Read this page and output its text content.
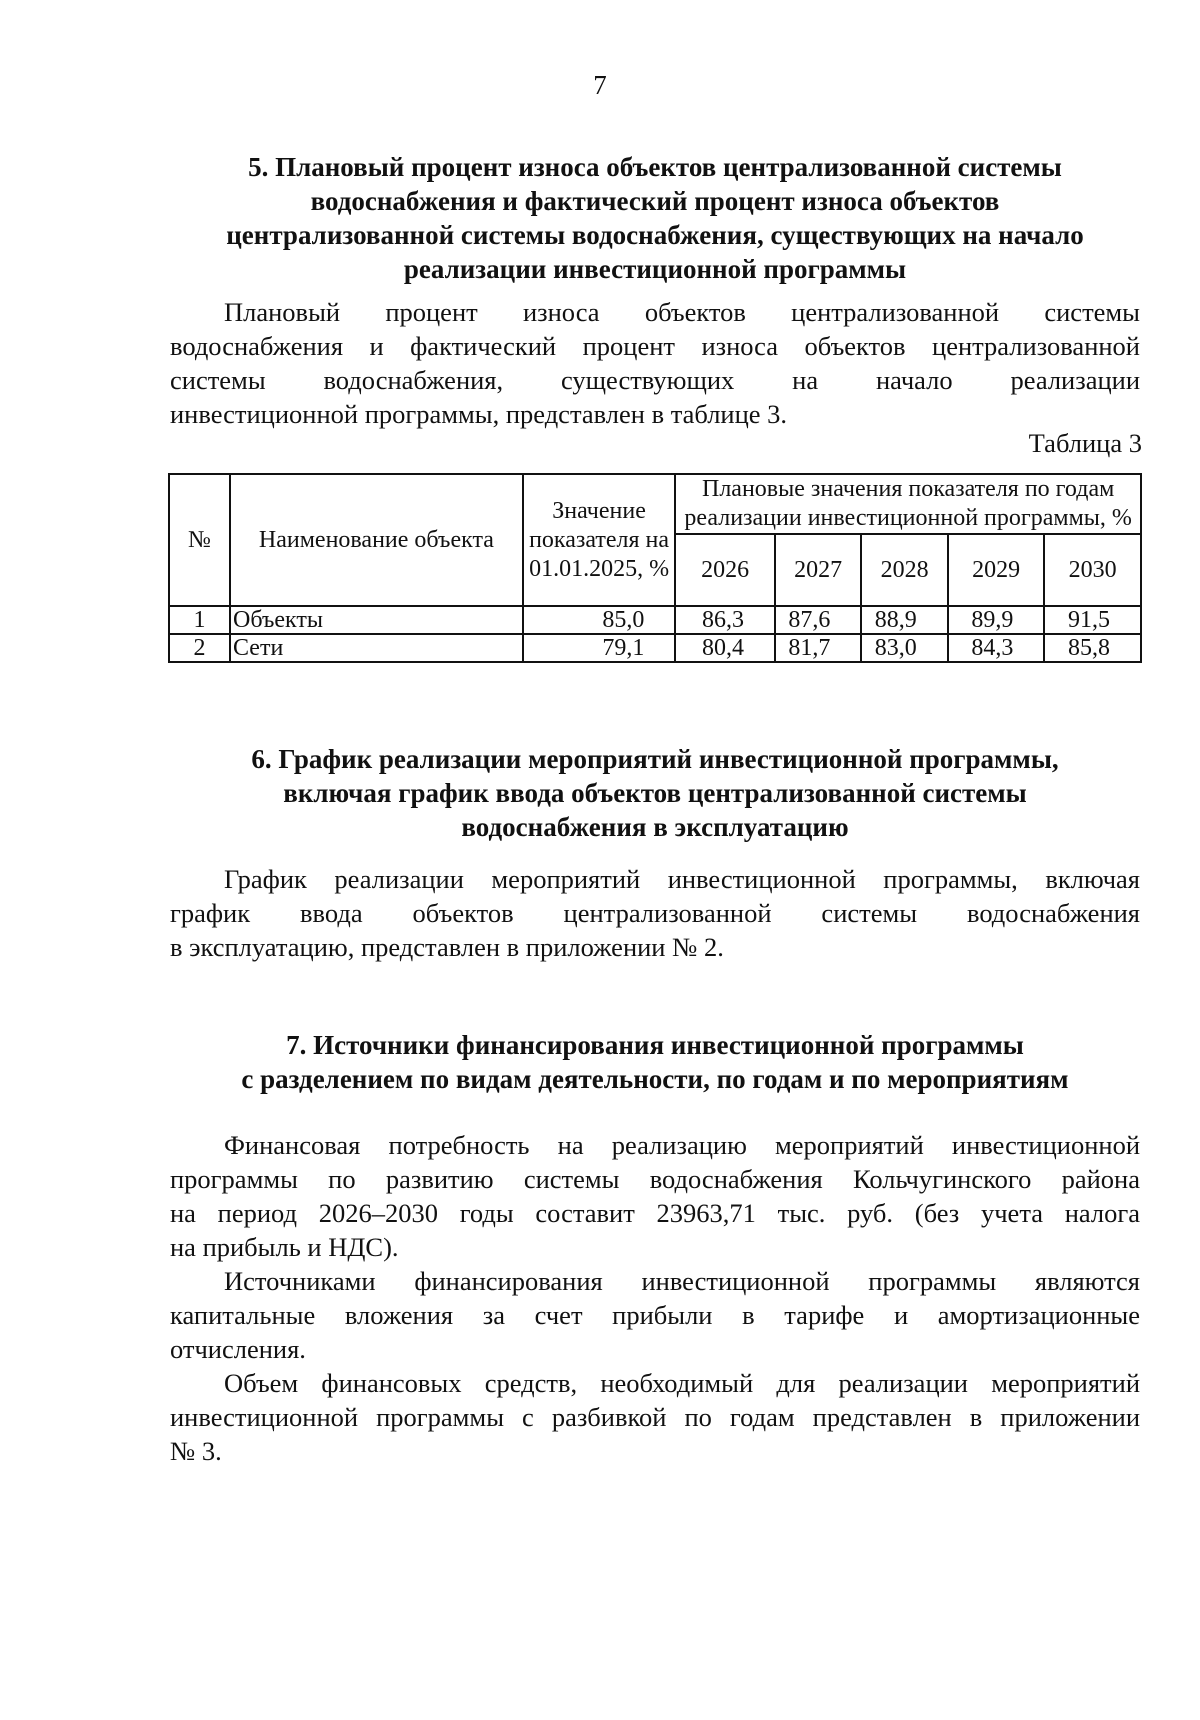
7
5. Плановый процент износа объектов централизованной системы
водоснабжения и фактический процент износа объектов
централизованной системы водоснабжения, существующих на начало
реализации инвестиционной программы
Плановый процент износа объектов централизованной системы
водоснабжения и фактический процент износа объектов централизованной
системы водоснабжения, существующих на начало реализации
инвестиционной программы, представлен в таблице 3.
Таблица 3
№	Наименование объекта	Значение показателя на 01.01.2025, %	Плановые значения показателя по годам реализации инвестиционной программы, %				
			2026	2027	2028	2029	2030
1	Объекты	85,0	86,3	87,6	88,9	89,9	91,5
2	Сети	79,1	80,4	81,7	83,0	84,3	85,8
6. График реализации мероприятий инвестиционной программы,
включая график ввода объектов централизованной системы
водоснабжения в эксплуатацию
График реализации мероприятий инвестиционной программы, включая
график ввода объектов централизованной системы водоснабжения
в эксплуатацию, представлен в приложении № 2.
7. Источники финансирования инвестиционной программы
с разделением по видам деятельности, по годам и по мероприятиям
Финансовая потребность на реализацию мероприятий инвестиционной
программы по развитию системы водоснабжения Кольчугинского района
на период 2026–2030 годы составит 23963,71 тыс. руб. (без учета налога
на прибыль и НДС).
Источниками финансирования инвестиционной программы являются
капитальные вложения за счет прибыли в тарифе и амортизационные
отчисления.
Объем финансовых средств, необходимый для реализации мероприятий
инвестиционной программы с разбивкой по годам представлен в приложении
№ 3.
